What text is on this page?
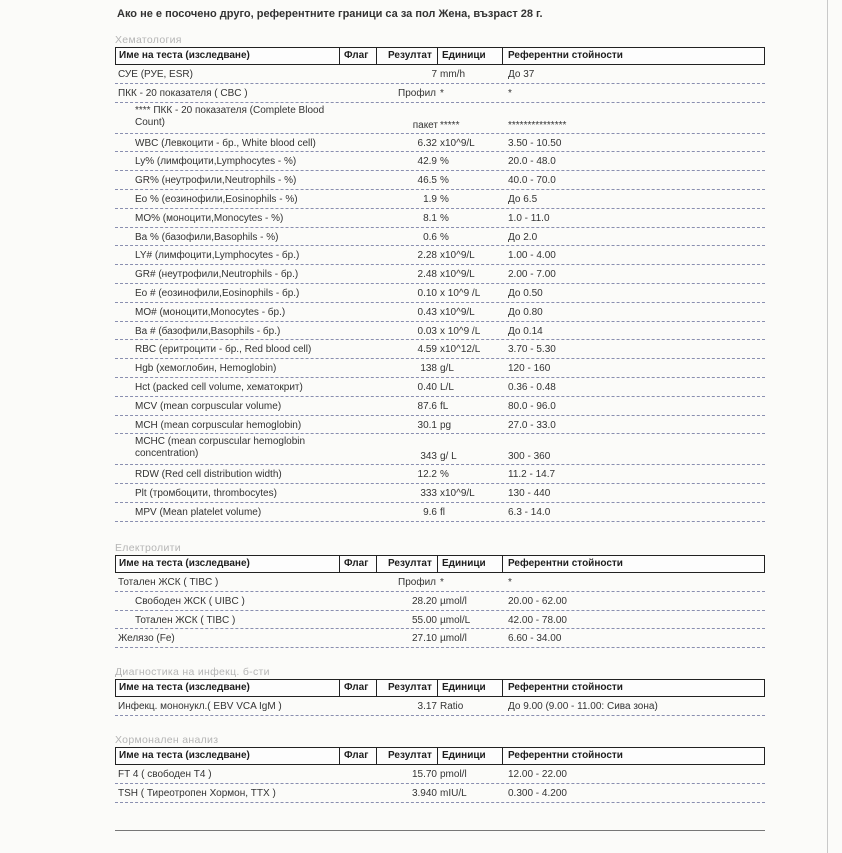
Ако не е посочено друго, референтните граници са за пол Жена, възраст 28 г.
Хематология
Име на теста (изследване)	Флаг Резултат Единици Референтни стойности
СУЕ (РУЕ, ESR)	7 mm/h	До 37
ПКК - 20 показателя ( CBC )	Профил *	*
**** ПКК - 20 показателя (Complete Blood Count)	пакет *****	***************
WBC (Левкоцити - бр., White blood cell)	6.32 x10^9/L	3.50 - 10.50
Ly% (лимфоцити,Lymphocytes - %)	42.9 %	20.0 - 48.0
GR% (неутрофили,Neutrophils - %)	46.5 %	40.0 - 70.0
Eo % (еозинофили,Eosinophils - %)	1.9 %	До 6.5
MO% (моноцити,Monocytes - %)	8.1 %	1.0 - 11.0
Ba % (базофили,Basophils - %)	0.6 %	До 2.0
LY# (лимфоцити,Lymphocytes - бр.)	2.28 x10^9/L	1.00 - 4.00
GR# (неутрофили,Neutrophils - бр.)	2.48 x10^9/L	2.00 - 7.00
Eo # (еозинофили,Eosinophils - бр.)	0.10 x 10^9 /L	До 0.50
MO# (моноцити,Monocytes - бр.)	0.43 x10^9/L	До 0.80
Ba # (базофили,Basophils - бр.)	0.03 x 10^9 /L	До 0.14
RBC (еритроцити - бр., Red blood cell)	4.59 x10^12/L	3.70 - 5.30
Hgb (хемоглобин, Hemoglobin)	138 g/L	120 - 160
Hct (packed cell volume, хематокрит)	0.40 L/L	0.36 - 0.48
MCV (mean corpuscular volume)	87.6 fL	80.0 - 96.0
MCH (mean corpuscular hemoglobin)	30.1 pg	27.0 - 33.0
MCHC (mean corpuscular hemoglobin concentration)	343 g/ L	300 - 360
RDW (Red cell distribution width)	12.2 %	11.2 - 14.7
Plt (тромбоцити, thrombocytes)	333 x10^9/L	130 - 440
MPV (Mean platelet volume)	9.6 fl	6.3 - 14.0
Електролити
Име на теста (изследване)	Флаг Резултат Единици Референтни стойности
Тотален ЖСК ( TIBC )	Профил *	*
Свободен ЖСК ( UIBC )	28.20 µmol/l	20.00 - 62.00
Тотален ЖСК ( TIBC )	55.00 µmol/L	42.00 - 78.00
Желязо (Fe)	27.10 µmol/l	6.60 - 34.00
Диагностика на инфекц. б-сти
Име на теста (изследване)	Флаг Резултат Единици Референтни стойности
Инфекц. мононукл.( EBV VCA IgM )	3.17 Ratio	До 9.00 (9.00 - 11.00: Сива зона)
Хормонален анализ
Име на теста (изследване)	Флаг Резултат Единици Референтни стойности
FT 4 ( свободен T4 )	15.70 pmol/l	12.00 - 22.00
TSH ( Тиреотропен Хормон, TTX )	3.940 mIU/L	0.300 - 4.200
